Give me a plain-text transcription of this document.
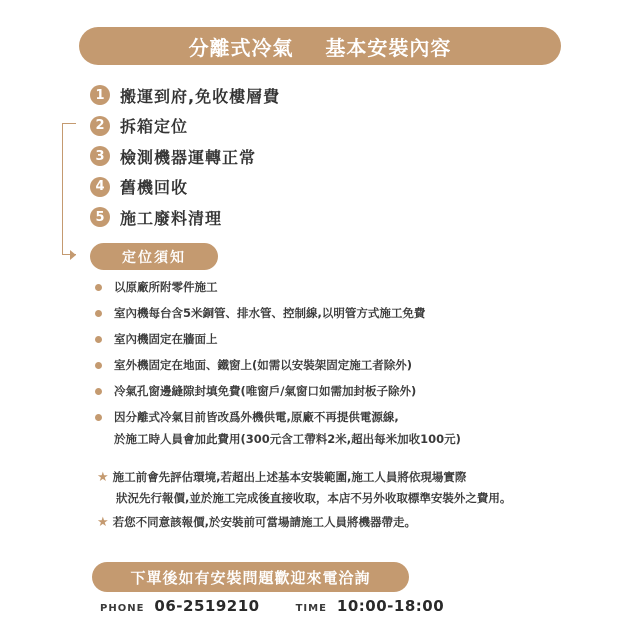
分離式冷氣
基本安裝內容
1 搬運到府,免收樓層費
2 拆箱定位
3 檢測機器運轉正常
4 舊機回收
5 施工廢料清理
定位須知
以原廠所附零件施工
室內機每台含5米銅管、排水管、控制線,以明管方式施工免費
室內機固定在牆面上
室外機固定在地面、鐵窗上(如需以安裝架固定施工者除外)
冷氣孔窗邊縫隙封填免費(唯窗戶/氣窗口如需加封板子除外)
因分離式冷氣目前皆改爲外機供電,原廠不再提供電源線,
於施工時人員會加此費用(300元含工帶料2米,超出每米加收100元)
★ 施工前會先評估環境,若超出上述基本安裝範圍,施工人員將依現場實際
狀況先行報價,並於施工完成後直接收取，本店不另外收取標準安裝外之費用。
★ 若您不同意該報價,於安裝前可當場請施工人員將機器帶走。
下單後如有安裝問題歡迎來電洽詢
PHONE 06-2519210	TIME 10:00-18:00
